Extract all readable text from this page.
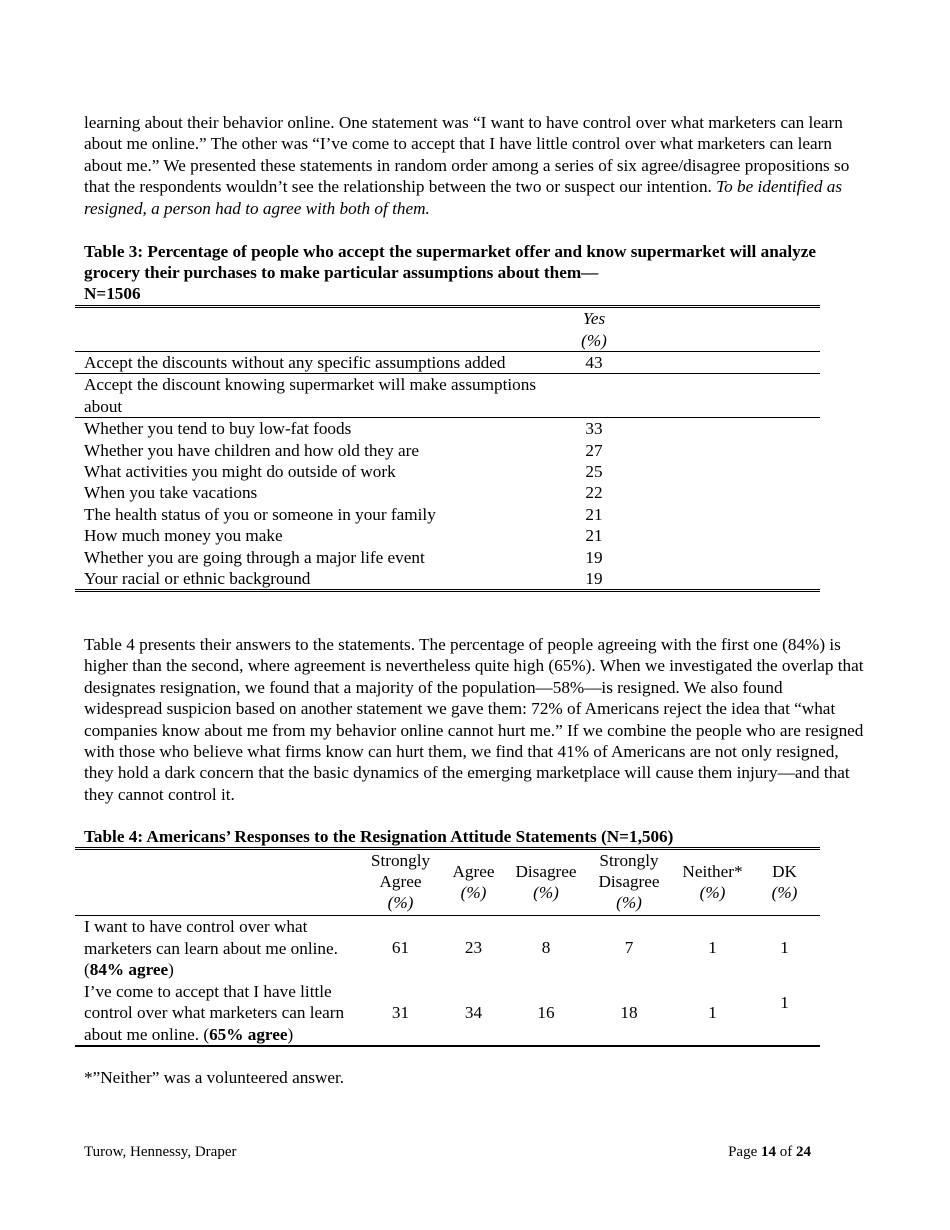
learning about their behavior online. One statement was “I want to have control over what marketers can learn about me online.” The other was “I’ve come to accept that I have little control over what marketers can learn about me.” We presented these statements in random order among a series of six agree/disagree propositions so that the respondents wouldn’t see the relationship between the two or suspect our intention. To be identified as resigned, a person had to agree with both of them.

Table 3: Percentage of people who accept the supermarket offer and know supermarket will analyze grocery their purchases to make particular assumptions about them—
N=1506

	Yes
(%)	
Accept the discounts without any specific assumptions added	43	
Accept the discount knowing supermarket will make assumptions about		
Whether you tend to buy low-fat foods	33	
Whether you have children and how old they are	27	
What activities you might do outside of work	25	
When you take vacations	22	
The health status of you or someone in your family	21	
How much money you make	21	
Whether you are going through a major life event	19	
Your racial or ethnic background	19	

Table 4 presents their answers to the statements. The percentage of people agreeing with the first one (84%) is higher than the second, where agreement is nevertheless quite high (65%). When we investigated the overlap that designates resignation, we found that a majority of the population—58%—is resigned. We also found widespread suspicion based on another statement we gave them: 72% of Americans reject the idea that “what companies know about me from my behavior online cannot hurt me.” If we combine the people who are resigned with those who believe what firms know can hurt them, we find that 41% of Americans are not only resigned, they hold a dark concern that the basic dynamics of the emerging marketplace will cause them injury—and that they cannot control it.

Table 4: Americans’ Responses to the Resignation Attitude Statements (N=1,506)

	Strongly
Agree
(%)	Agree
(%)	Disagree
(%)	Strongly
Disagree
(%)	Neither*
(%)	DK
(%)
I want to have control over what marketers can learn about me online. (84% agree)	61	23	8	7	1	1
I’ve come to accept that I have little control over what marketers can learn about me online. (65% agree)	31	34	16	18	1	1

*”Neither” was a volunteered answer.

Turow, Hennessy, Draper	Page 14 of 24
